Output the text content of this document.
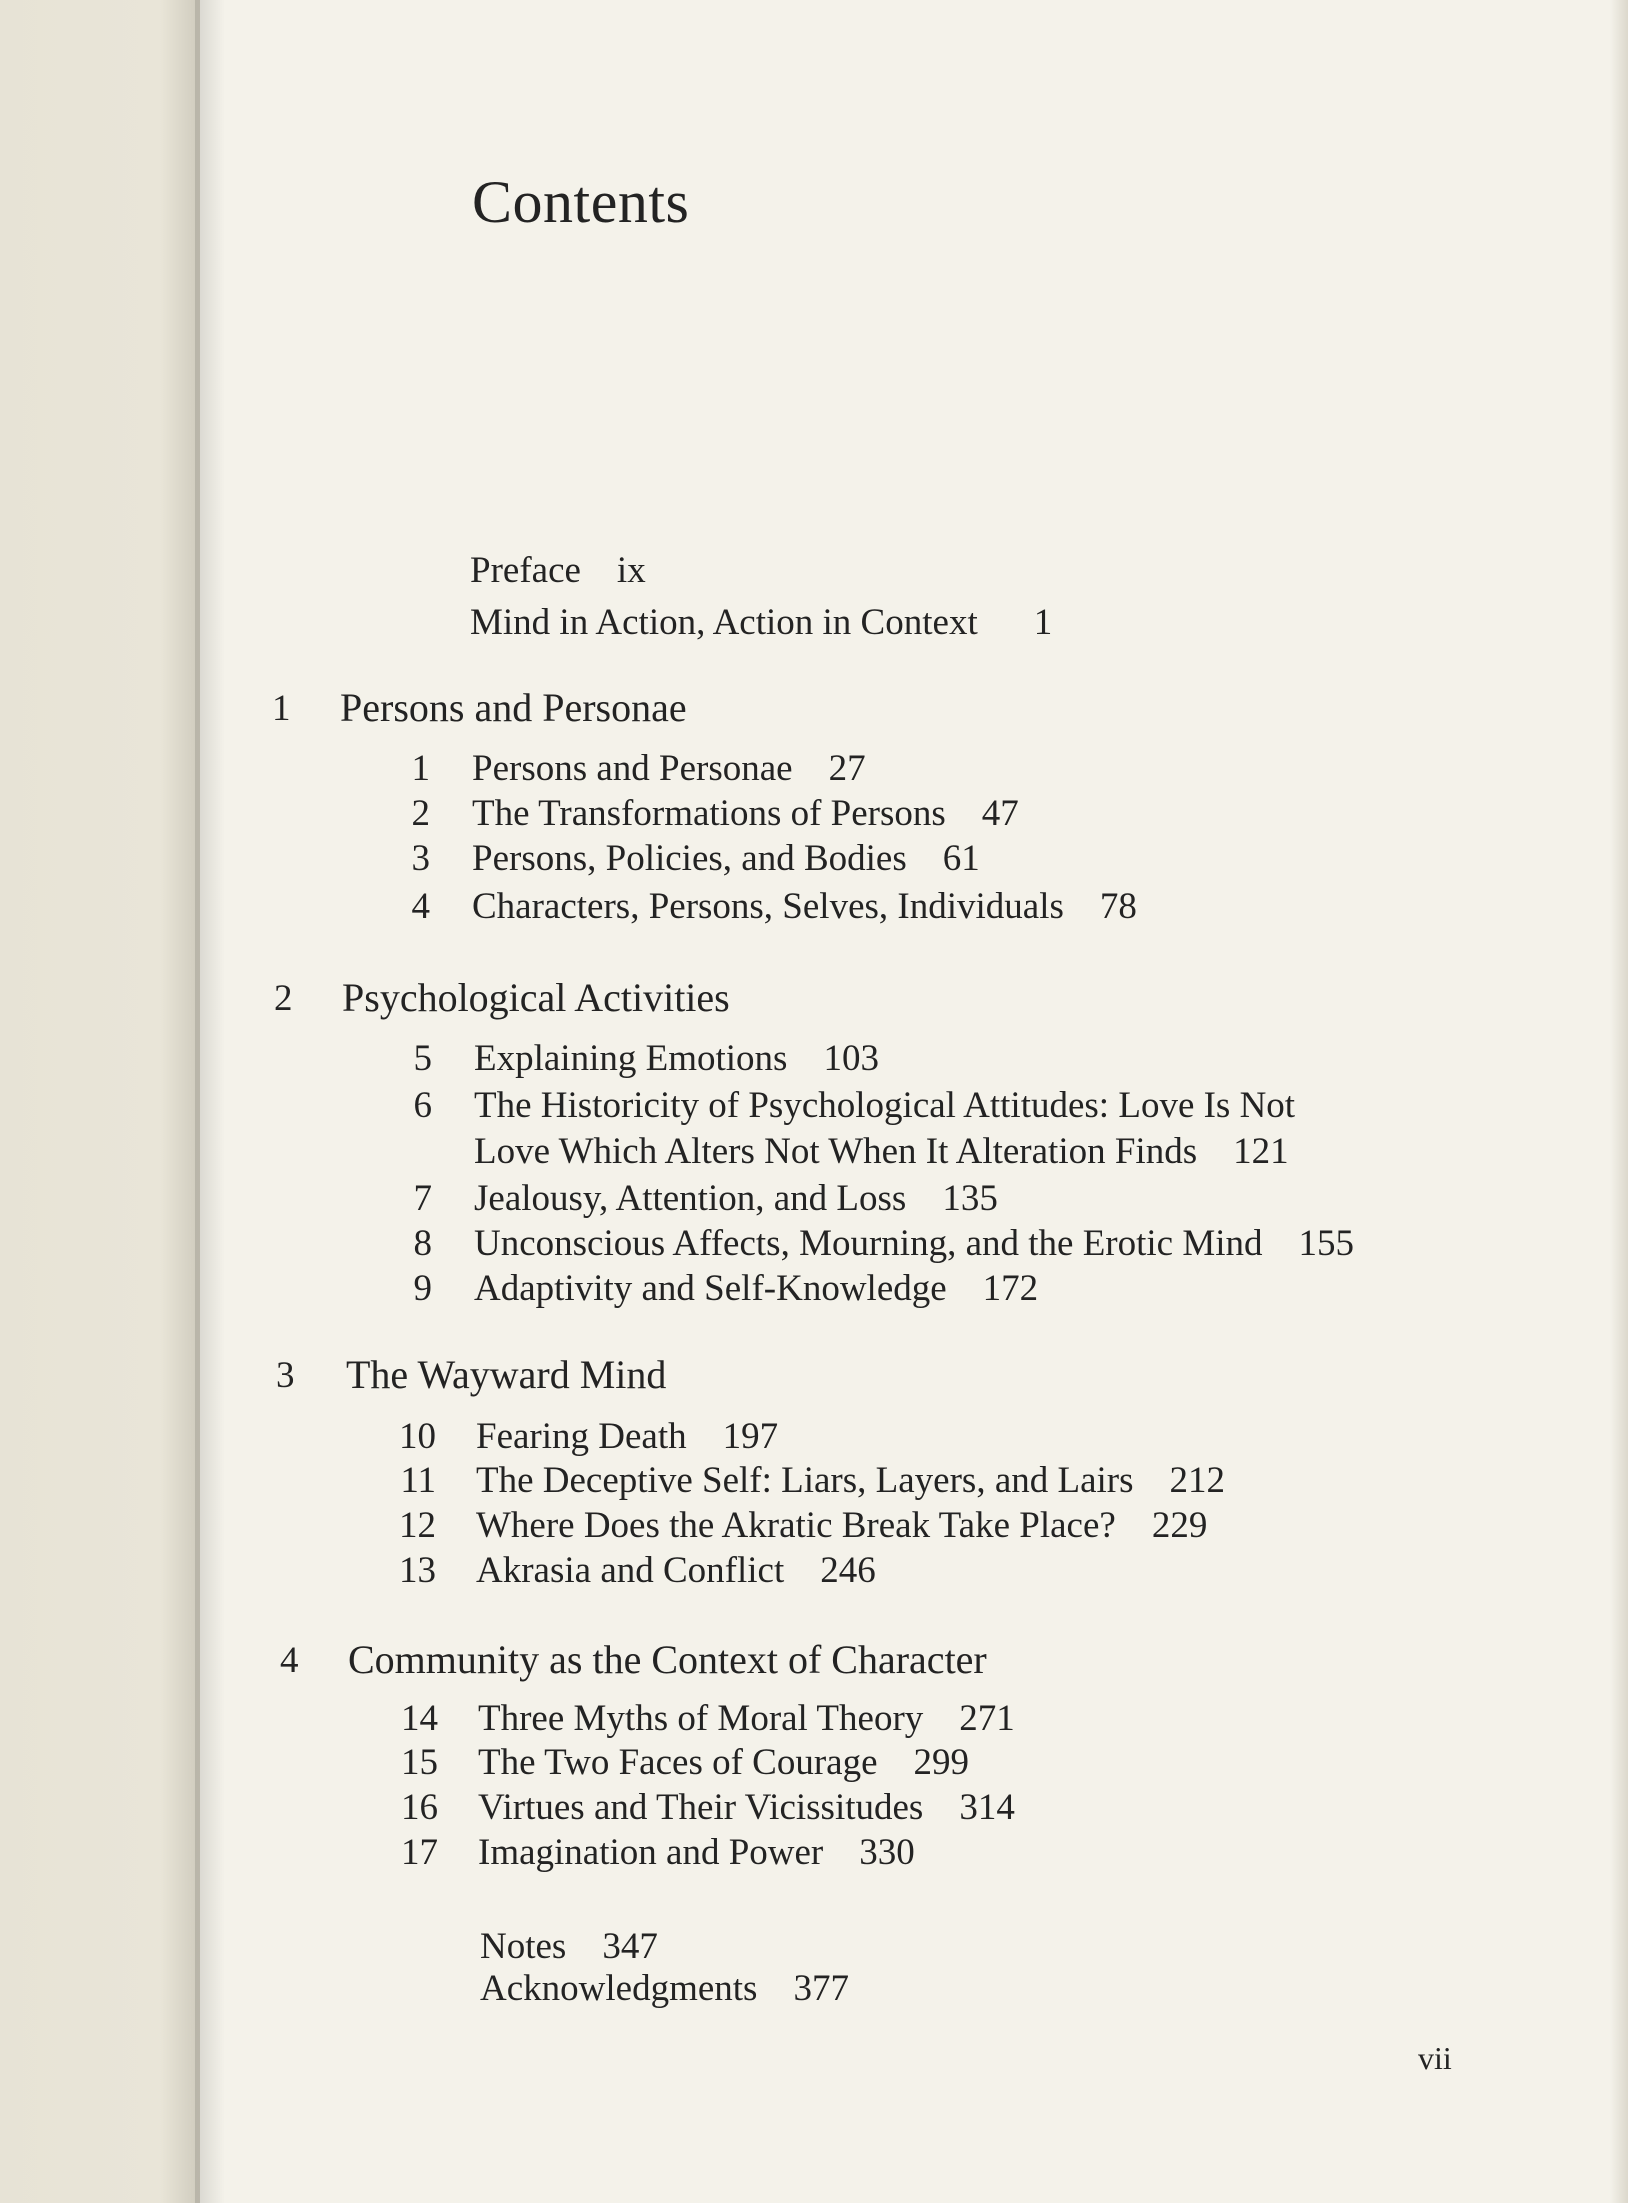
Contents
Preface ix
Mind in Action, Action in Context 1
1 Persons and Personae
1 Persons and Personae 27
2 The Transformations of Persons 47
3 Persons, Policies, and Bodies 61
4 Characters, Persons, Selves, Individuals 78
2 Psychological Activities
5 Explaining Emotions 103
6 The Historicity of Psychological Attitudes: Love Is Not
Love Which Alters Not When It Alteration Finds 121
7 Jealousy, Attention, and Loss 135
8 Unconscious Affects, Mourning, and the Erotic Mind 155
9 Adaptivity and Self-Knowledge 172
3 The Wayward Mind
10 Fearing Death 197
11 The Deceptive Self: Liars, Layers, and Lairs 212
12 Where Does the Akratic Break Take Place? 229
13 Akrasia and Conflict 246
4 Community as the Context of Character
14 Three Myths of Moral Theory 271
15 The Two Faces of Courage 299
16 Virtues and Their Vicissitudes 314
17 Imagination and Power 330
Notes 347
Acknowledgments 377
vii
